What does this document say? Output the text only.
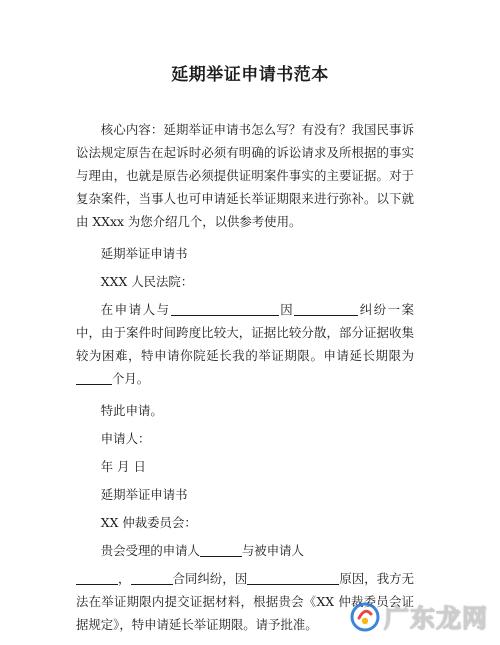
延期举证申请书范本

核心内容：延期举证申请书怎么写？有没有？我国民事诉讼法规定原告在起诉时必须有明确的诉讼请求及所根据的事实与理由，也就是原告必须提供证明案件事实的主要证据。对于复杂案件，当事人也可申请延长举证期限来进行弥补。以下就由 XXxx 为您介绍几个，以供参考使用。

延期举证申请书

XXX 人民法院：

在申请人与	因	纠纷一案中，由于案件时间跨度比较大，证据比较分散，部分证据收集较为困难，特申请你院延长我的举证期限。申请延长期限为个月。

特此申请。

申请人：

年 月 日

延期举证申请书

XX 仲裁委员会：

贵会受理的申请人	与被申请人

，	合同纠纷，因	原因，我方无法在举证期限内提交证据材料，根据贵会《XX 仲裁委员会证据规定》，特申请延长举证期限。请予批准。	广东龙网
